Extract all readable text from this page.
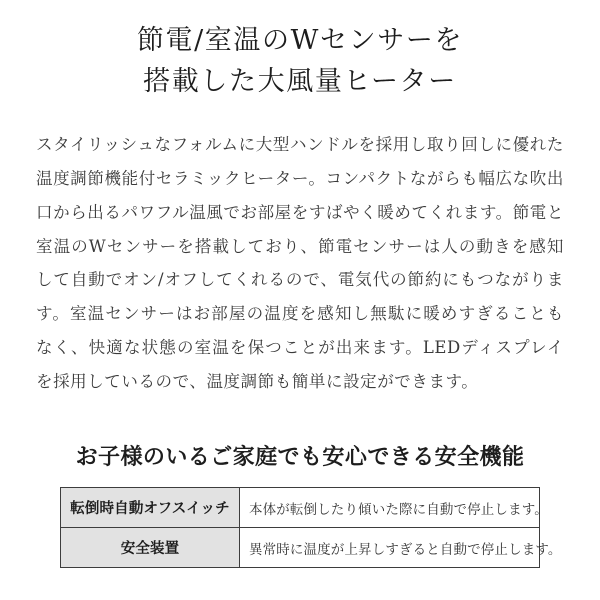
節電/室温のWセンサーを
搭載した大風量ヒーター

スタイリッシュなフォルムに大型ハンドルを採用し取り回しに優れた温度調節機能付セラミックヒーター。コンパクトながらも幅広な吹出口から出るパワフル温風でお部屋をすばやく暖めてくれます。節電と室温のWセンサーを搭載しており、節電センサーは人の動きを感知して自動でオン/オフしてくれるので、電気代の節約にもつながります。室温センサーはお部屋の温度を感知し無駄に暖めすぎることもなく、快適な状態の室温を保つことが出来ます。LEDディスプレイを採用しているので、温度調節も簡単に設定ができます。

お子様のいるご家庭でも安心できる安全機能
転倒時自動オフスイッチ	本体が転倒したり傾いた際に自動で停止します。
安全装置	異常時に温度が上昇しすぎると自動で停止します。
